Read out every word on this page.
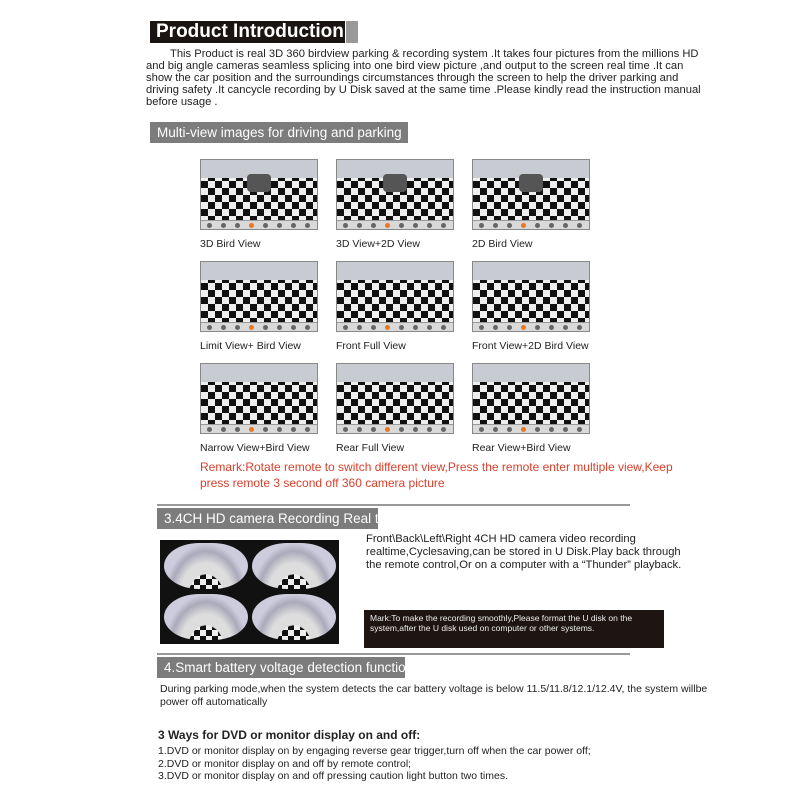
Product Introduction

This Product is real 3D 360 birdview parking & recording system .It takes four pictures from the millions HD and big angle cameras seamless splicing into one bird view picture ,and output to the screen real time .It can show the car position and the surroundings circumstances through the screen to help the driver parking and driving safety .It cancycle recording by U Disk saved at the same time .Please kindly read the instruction manual before usage .

Multi-view images for driving and parking
3D Bird View	3D View+2D View	2D Bird View
Limit View+ Bird View	Front Full View	Front View+2D Bird View
Narrow View+Bird View	Rear Full View	Rear View+Bird View

Remark:Rotate remote to switch different view,Press the remote enter multiple view,Keep press remote 3 second off 360 camera picture

3.4CH HD camera Recording Real time

Front\Back\Left\Right 4CH HD camera video recording realtime,Cyclesaving,can be stored in U Disk.Play back through the remote control,Or on a computer with a “Thunder” playback.

Mark:To make the recording smoothly,Please format the U disk on the system,after the U disk used on computer or other systems.
4.Smart battery voltage detection function

During parking mode,when the system detects the car battery voltage is below 11.5/11.8/12.1/12.4V, the system willbe power off automatically

3 Ways for DVD or monitor display on and off:
1.DVD or monitor display on by engaging reverse gear trigger,turn off when the car power off;
2.DVD or monitor display on and off by remote control;
3.DVD or monitor display on and off pressing caution light button two times.
